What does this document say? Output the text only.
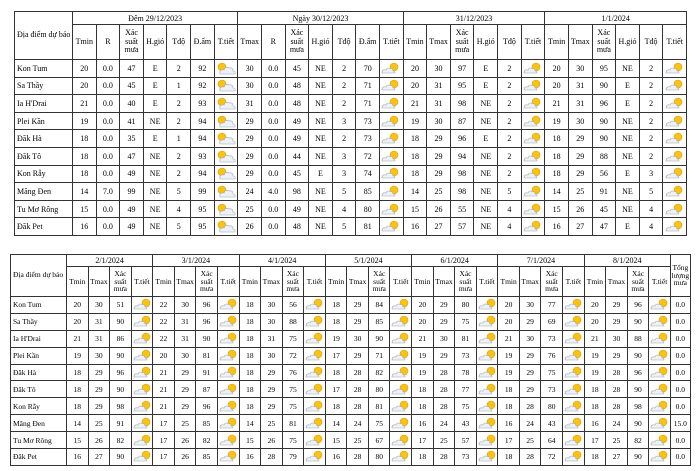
Địa điểm dự báo	Đêm 29/12/2023							Ngày 30/12/2023							31/12/2023						1/1/2024					
	Tmin	R	Xác suất mưa	H.gió	Tđộ	Đ.ẩm	T.tiết	Tmax	R	Xác suất mưa	H.gió	Tđộ	Đ.ẩm	T.tiết	Tmin	Tmax	Xác suất mưa	H.gió	Tđộ	T.tiết	Tmin	Tmax	Xác suất mưa	H.gió	Tđộ	T.tiết
Kon Tum	20	0.0	47	E	2	92		30	0.0	45	NE	2	70		20	30	97	E	2		20	30	95	NE	2	

Sa Thầy	20	0.0	45	E	1	92		30	0.0	48	NE	2	71		20	31	95	E	2		20	31	90	E	2	

Ia H'Drai	21	0.0	40	E	2	93		31	0.0	48	NE	2	71		21	31	98	NE	2		21	31	96	E	2	

Plei Kần	19	0.0	41	NE	2	94		29	0.0	49	NE	3	73		19	30	87	NE	2		19	30	90	NE	2	

Đăk Hà	18	0.0	35	E	1	94		29	0.0	49	NE	2	73		18	29	96	E	2		18	29	90	NE	2	

Đăk Tô	18	0.0	47	NE	2	93		29	0.0	44	NE	3	72		18	29	94	NE	2		18	29	88	NE	2	

Kon Rẫy	18	0.0	49	NE	2	94		29	0.0	45	E	3	74		18	29	98	NE	2		18	29	56	E	3	

Măng Đen	14	7.0	99	NE	5	99		24	4.0	98	NE	5	85		14	25	98	NE	5		14	25	91	NE	5	

Tu Mơ Rông	15	0.0	49	NE	4	95		25	0.0	49	NE	4	80		15	26	55	NE	4		15	26	45	NE	4	

Đăk Pet	16	0.0	49	NE	5	95		26	0.0	48	NE	5	81		16	27	57	NE	4		16	27	47	E	4	
Địa điểm dự báo	2/1/2024				3/1/2024				4/1/2024				5/1/2024				6/1/2024				7/1/2024				8/1/2024				Tổng lượng mưa
	Tmin	Tmax	Xác suất mưa	T.tiết	Tmin	Tmax	Xác suất mưa	T.tiết	Tmin	Tmax	Xác suất mưa	T.tiết	Tmin	Tmax	Xác suất mưa	T.tiết	Tmin	Tmax	Xác suất mưa	T.tiết	Tmin	Tmax	Xác suất mưa	T.tiết	Tmin	Tmax	Xác suất mưa	T.tiết	
Kon Tum	20	30	51		22	30	96		18	30	56		18	29	84		20	29	80		20	30	77		20	29	96		0.0
Sa Thầy	20	31	90		22	31	96		18	30	88		18	29	85		20	29	75		20	29	69		20	29	90		0.0
Ia H'Drai	21	31	86		22	31	90		18	31	75		19	30	90		21	30	81		21	30	73		21	30	88		0.0
Plei Kần	19	30	90		20	30	81		18	30	72		17	29	71		19	29	73		19	29	76		19	29	90		0.0
Đăk Hà	18	29	96		21	29	91		18	29	76		18	28	82		19	28	78		19	29	75		19	28	96		0.0
Đăk Tô	18	29	90		21	29	87		18	29	75		17	28	80		18	28	77		18	29	73		18	28	90		0.0
Kon Rẫy	18	29	98		21	29	96		18	29	75		18	28	81		18	28	75		18	28	80		18	28	98		0.0
Măng Đen	14	25	91		17	25	85		14	25	81		14	24	75		16	24	43		16	24	43		16	24	90		15.0
Tu Mơ Rông	15	26	82		17	26	82		15	26	75		15	25	67		17	25	57		17	25	64		17	25	82		0.0
Đăk Pet	16	27	90		17	26	85		16	28	79		16	28	80		18	28	73		18	28	72		18	27	90		0.0
